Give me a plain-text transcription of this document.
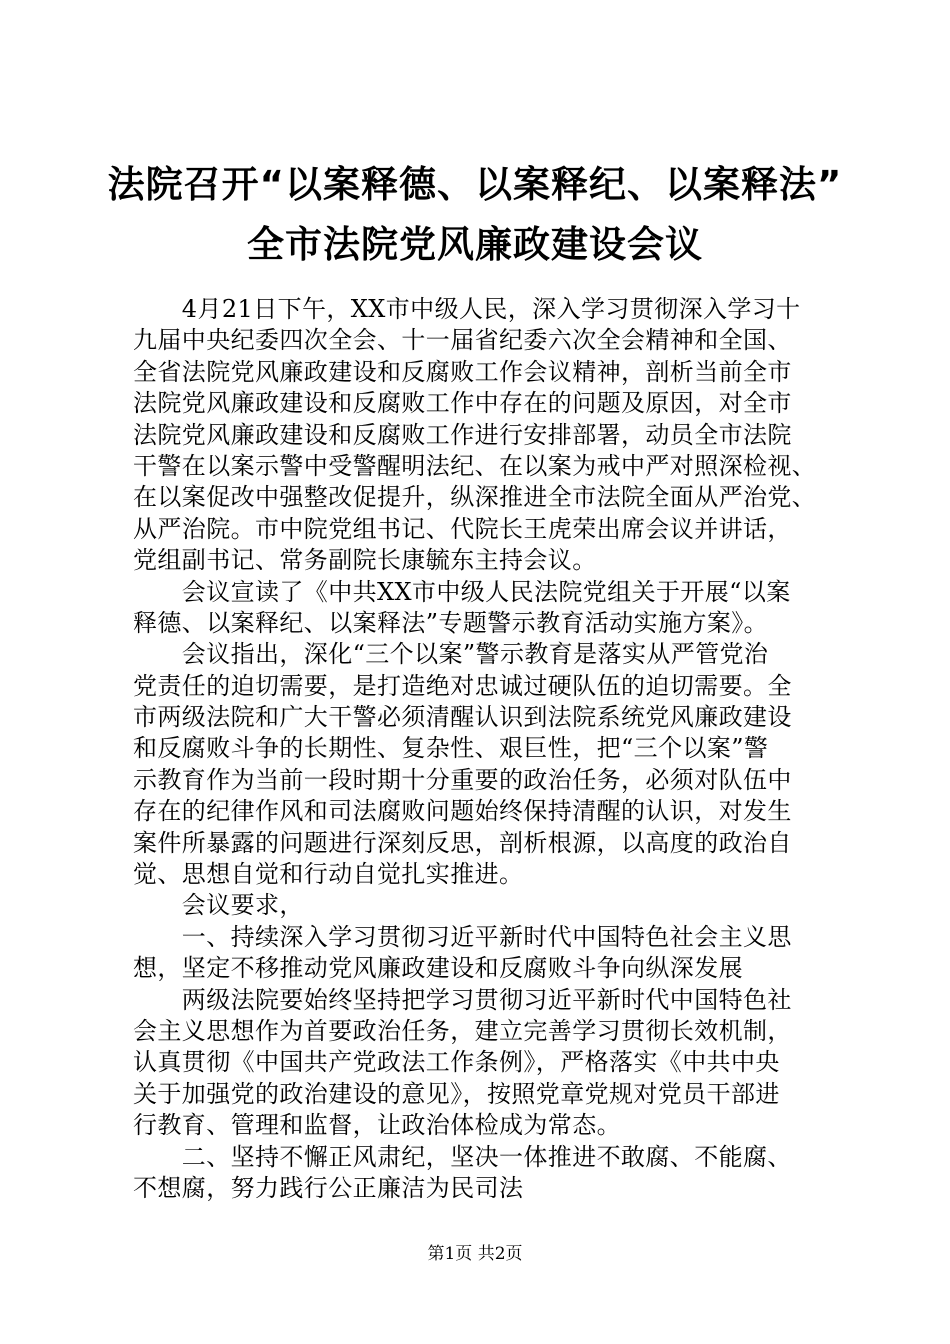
法院召开“以案释德、以案释纪、以案释法”
全市法院党风廉政建设会议
　　4月21日下午，XX市中级人民，深入学习贯彻深入学习十
九届中央纪委四次全会、十一届省纪委六次全会精神和全国、
全省法院党风廉政建设和反腐败工作会议精神，剖析当前全市
法院党风廉政建设和反腐败工作中存在的问题及原因，对全市
法院党风廉政建设和反腐败工作进行安排部署，动员全市法院
干警在以案示警中受警醒明法纪、在以案为戒中严对照深检视、
在以案促改中强整改促提升，纵深推进全市法院全面从严治党、
从严治院。市中院党组书记、代院长王虎荣出席会议并讲话，
党组副书记、常务副院长康毓东主持会议。
　　会议宣读了《中共XX市中级人民法院党组关于开展“以案
释德、以案释纪、以案释法”专题警示教育活动实施方案》。
　　会议指出，深化“三个以案”警示教育是落实从严管党治
党责任的迫切需要，是打造绝对忠诚过硬队伍的迫切需要。全
市两级法院和广大干警必须清醒认识到法院系统党风廉政建设
和反腐败斗争的长期性、复杂性、艰巨性，把“三个以案”警
示教育作为当前一段时期十分重要的政治任务，必须对队伍中
存在的纪律作风和司法腐败问题始终保持清醒的认识，对发生
案件所暴露的问题进行深刻反思，剖析根源，以高度的政治自
觉、思想自觉和行动自觉扎实推进。
　　会议要求，
　　一、持续深入学习贯彻习近平新时代中国特色社会主义思
想，坚定不移推动党风廉政建设和反腐败斗争向纵深发展
　　两级法院要始终坚持把学习贯彻习近平新时代中国特色社
会主义思想作为首要政治任务，建立完善学习贯彻长效机制，
认真贯彻《中国共产党政法工作条例》，严格落实《中共中央
关于加强党的政治建设的意见》，按照党章党规对党员干部进
行教育、管理和监督，让政治体检成为常态。
　　二、坚持不懈正风肃纪，坚决一体推进不敢腐、不能腐、
不想腐，努力践行公正廉洁为民司法
第1页 共2页
